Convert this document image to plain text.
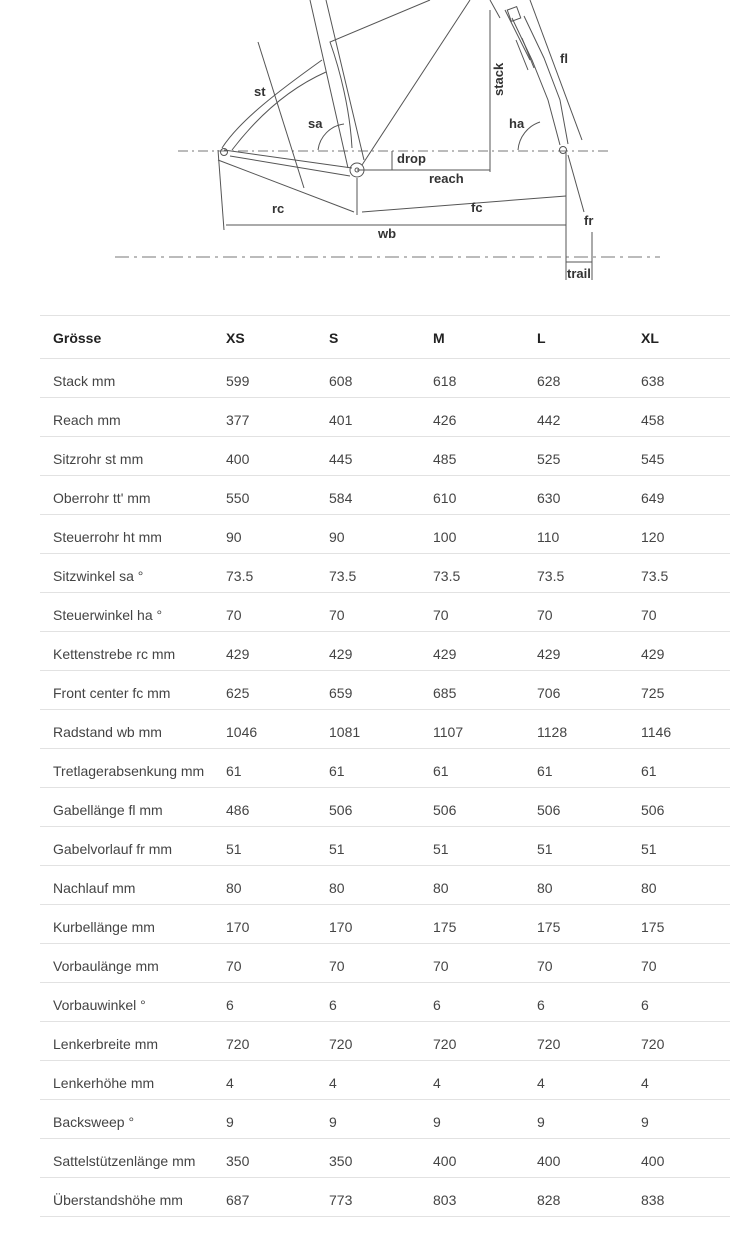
st
sa
stack
fl
ha
drop
reach
rc	fc
fr
wb
trail
Grösse	XS	S	M	L	XL
Stack mm	599	608	618	628	638
Reach mm	377	401	426	442	458
Sitzrohr st mm	400	445	485	525	545
Oberrohr tt' mm	550	584	610	630	649
Steuerrohr ht mm	90	90	100	110	120
Sitzwinkel sa °	73.5	73.5	73.5	73.5	73.5
Steuerwinkel ha °	70	70	70	70	70
Kettenstrebe rc mm	429	429	429	429	429
Front center fc mm	625	659	685	706	725
Radstand wb mm	1046	1081	1107	1128	1146
Tretlagerabsenkung mm	61	61	61	61	61
Gabellänge fl mm	486	506	506	506	506
Gabelvorlauf fr mm	51	51	51	51	51
Nachlauf mm	80	80	80	80	80
Kurbellänge mm	170	170	175	175	175
Vorbaulänge mm	70	70	70	70	70
Vorbauwinkel °	6	6	6	6	6
Lenkerbreite mm	720	720	720	720	720
Lenkerhöhe mm	4	4	4	4	4
Backsweep °	9	9	9	9	9
Sattelstützenlänge mm	350	350	400	400	400
Überstandshöhe mm	687	773	803	828	838
